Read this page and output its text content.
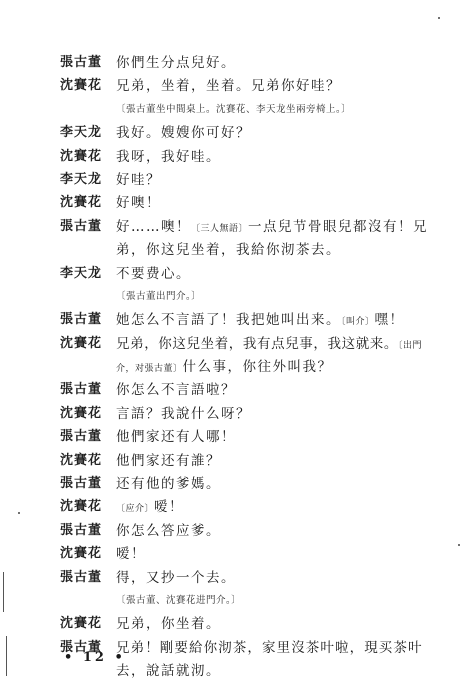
張古董	你們生分点兒好。
沈賽花	兄弟，坐着，坐着。兄弟你好哇？
〔張古董坐中間桌上。沈賽花、李天龙坐兩旁椅上。〕
李天龙	我好。嫂嫂你可好？
沈賽花	我呀，我好哇。
李天龙	好哇？
沈賽花	好噢！
張古董	好……噢！〔三人無語〕一点兒节骨眼兒都沒有！兄
弟，你这兒坐着，我給你沏茶去。
李天龙	不要费心。
〔張古董出門介。〕
張古董	她怎么不言語了！我把她叫出来。〔叫介〕嘿！
沈賽花	兄弟，你这兒坐着，我有点兒事，我这就来。〔出門
介，对張古董〕什么事，你往外叫我？
張古董	你怎么不言語啦？
沈賽花	言語？我說什么呀？
張古董	他們家还有人哪！
沈賽花	他們家还有誰？
張古董	还有他的爹媽。
沈賽花	〔应介〕嗳！
張古董	你怎么答应爹。
沈賽花	嗳！
張古董	得，又抄一个去。
〔張古董、沈賽花进門介。〕
沈賽花	兄弟，你坐着。
張古董	兄弟！剛要給你沏茶，家里沒茶叶啦，現买茶叶
去，說話就沏。
• 12 •
